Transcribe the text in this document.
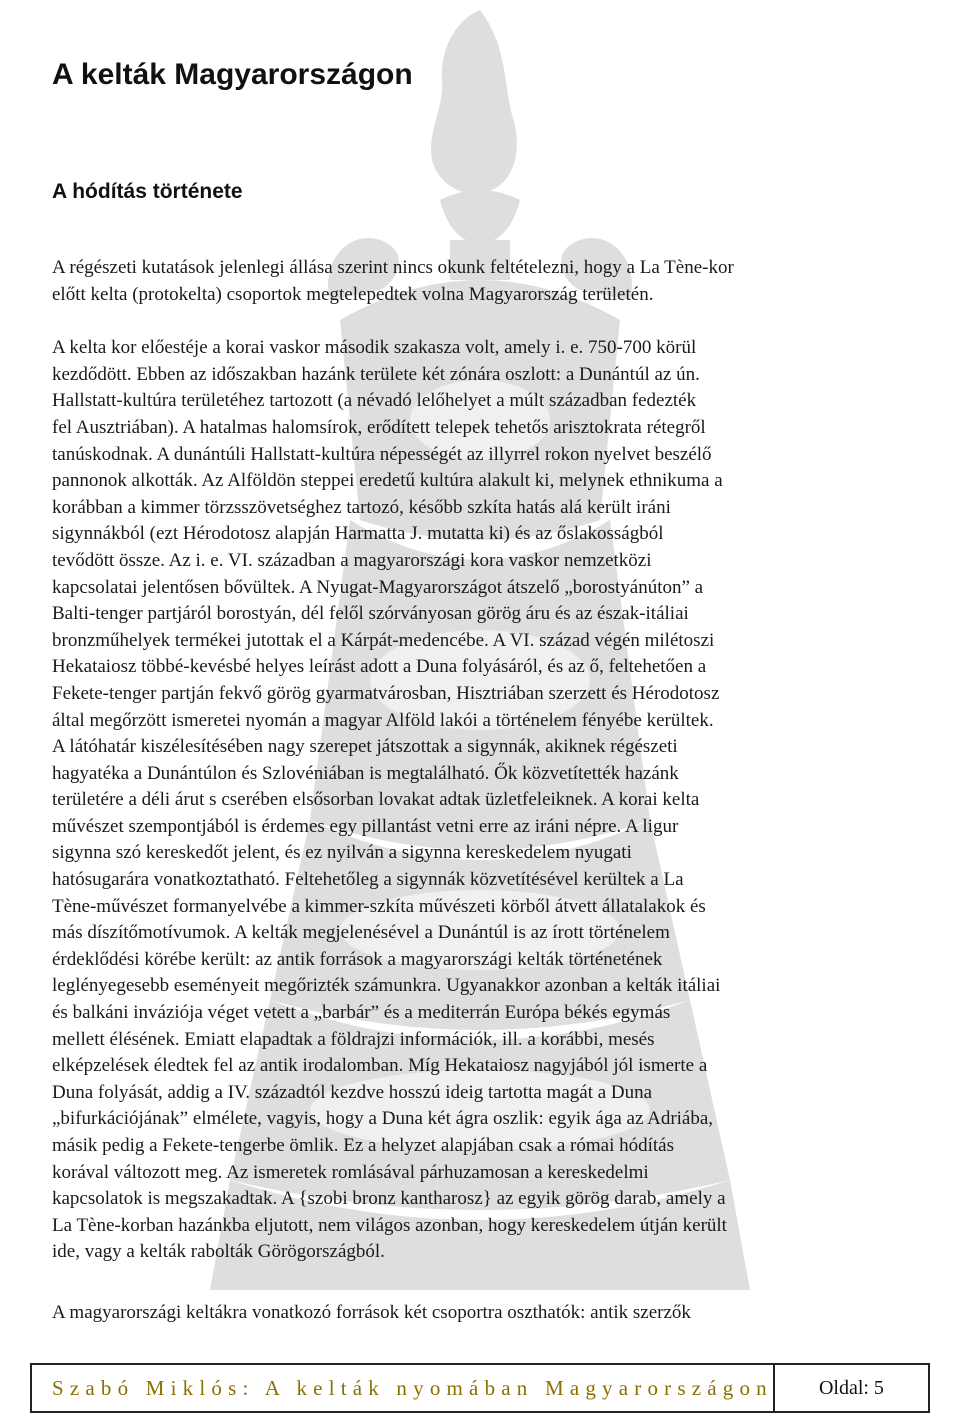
A kelták Magyarországon
A hódítás története
A régészeti kutatások jelenlegi állása szerint nincs okunk feltételezni, hogy a La Tène-kor
előtt kelta (protokelta) csoportok megtelepedtek volna Magyarország területén.
A kelta kor előestéje a korai vaskor második szakasza volt, amely i. e. 750-700 körül
kezdődött. Ebben az időszakban hazánk területe két zónára oszlott: a Dunántúl az ún.
Hallstatt-kultúra területéhez tartozott (a névadó lelőhelyet a múlt században fedezték
fel Ausztriában). A hatalmas halomsírok, erődített telepek tehetős arisztokrata rétegről
tanúskodnak. A dunántúli Hallstatt-kultúra népességét az illyrrel rokon nyelvet beszélő
pannonok alkották. Az Alföldön steppei eredetű kultúra alakult ki, melynek ethnikuma a
korábban a kimmer törzsszövetséghez tartozó, később szkíta hatás alá került iráni
sigynnákból (ezt Hérodotosz alapján Harmatta J. mutatta ki) és az őslakosságból
tevődött össze. Az i. e. VI. században a magyarországi kora vaskor nemzetközi
kapcsolatai jelentősen bővültek. A Nyugat-Magyarországot átszelő „borostyánúton” a
Balti-tenger partjáról borostyán, dél felől szórványosan görög áru és az észak-itáliai
bronzműhelyek termékei jutottak el a Kárpát-medencébe. A VI. század végén milétoszi
Hekataiosz többé-kevésbé helyes leírást adott a Duna folyásáról, és az ő, feltehetően a
Fekete-tenger partján fekvő görög gyarmatvárosban, Hisztriában szerzett és Hérodotosz
által megőrzött ismeretei nyomán a magyar Alföld lakói a történelem fényébe kerültek.
A látóhatár kiszélesítésében nagy szerepet játszottak a sigynnák, akiknek régészeti
hagyatéka a Dunántúlon és Szlovéniában is megtalálható. Ők közvetítették hazánk
területére a déli árut s cserében elsősorban lovakat adtak üzletfeleiknek. A korai kelta
művészet szempontjából is érdemes egy pillantást vetni erre az iráni népre. A ligur
sigynna szó kereskedőt jelent, és ez nyilván a sigynna kereskedelem nyugati
hatósugarára vonatkoztatható. Feltehetőleg a sigynnák közvetítésével kerültek a La
Tène-művészet formanyelvébe a kimmer-szkíta művészeti körből átvett állatalakok és
más díszítőmotívumok. A kelták megjelenésével a Dunántúl is az írott történelem
érdeklődési körébe került: az antik források a magyarországi kelták történetének
leglényegesebb eseményeit megőrizték számunkra. Ugyanakkor azonban a kelták itáliai
és balkáni inváziója véget vetett a „barbár” és a mediterrán Európa békés egymás
mellett élésének. Emiatt elapadtak a földrajzi információk, ill. a korábbi, mesés
elképzelések éledtek fel az antik irodalomban. Míg Hekataiosz nagyjából jól ismerte a
Duna folyását, addig a IV. századtól kezdve hosszú ideig tartotta magát a Duna
„bifurkációjának” elmélete, vagyis, hogy a Duna két ágra oszlik: egyik ága az Adriába,
másik pedig a Fekete-tengerbe ömlik. Ez a helyzet alapjában csak a római hódítás
korával változott meg. Az ismeretek romlásával párhuzamosan a kereskedelmi
kapcsolatok is megszakadtak. A {szobi bronz kantharosz} az egyik görög darab, amely a
La Tène-korban hazánkba eljutott, nem világos azonban, hogy kereskedelem útján került
ide, vagy a kelták rabolták Görögországból.
A magyarországi keltákra vonatkozó források két csoportra oszthatók: antik szerzők
Szabó Miklós: A kelták nyomában Magyarországon	Oldal: 5
